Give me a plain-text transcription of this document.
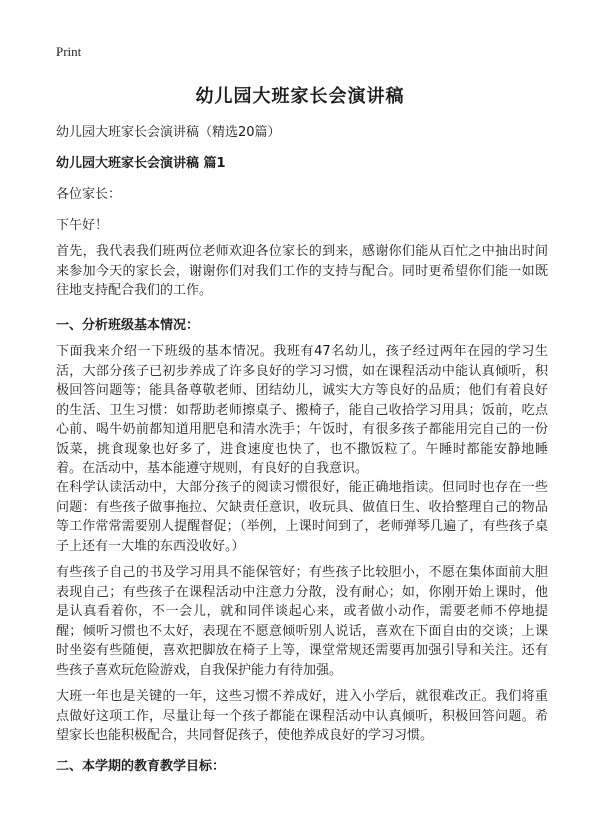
Print
幼儿园大班家长会演讲稿
幼儿园大班家长会演讲稿（精选20篇）
幼儿园大班家长会演讲稿 篇1
各位家长：
下午好！

首先，我代表我们班两位老师欢迎各位家长的到来，感谢你们能从百忙之中抽出时间来参加今天的家长会，谢谢你们对我们工作的支持与配合。同时更希望你们能一如既往地支持配合我们的工作。

一、分析班级基本情况：

下面我来介绍一下班级的基本情况。我班有47名幼儿，孩子经过两年在园的学习生活，大部分孩子已初步养成了许多良好的学习习惯，如在课程活动中能认真倾听，积极回答问题等；能具备尊敬老师、团结幼儿，诚实大方等良好的品质；他们有着良好的生活、卫生习惯：如帮助老师擦桌子、搬椅子，能自己收拾学习用具；饭前，吃点心前、喝牛奶前都知道用肥皂和清水洗手；午饭时，有很多孩子都能用完自己的一份饭菜，挑食现象也好多了，进食速度也快了，也不撒饭粒了。午睡时都能安静地睡着。在活动中，基本能遵守规则，有良好的自我意识。

在科学认读活动中，大部分孩子的阅读习惯很好，能正确地指读。但同时也存在一些问题：有些孩子做事拖拉、欠缺责任意识，收玩具、做值日生、收拾整理自己的物品等工作常常需要别人提醒督促；（举例，上课时间到了，老师弹琴几遍了，有些孩子桌子上还有一大堆的东西没收好。）

有些孩子自己的书及学习用具不能保管好；有些孩子比较胆小，不愿在集体面前大胆表现自己；有些孩子在课程活动中注意力分散，没有耐心；如，你刚开始上课时，他是认真看着你，不一会儿，就和同伴谈起心来，或者做小动作，需要老师不停地提醒；倾听习惯也不太好，表现在不愿意倾听别人说话，喜欢在下面自由的交谈；上课时坐姿有些随便，喜欢把脚放在椅子上等，课堂常规还需要再加强引导和关注。还有些孩子喜欢玩危险游戏，自我保护能力有待加强。

大班一年也是关键的一年，这些习惯不养成好，进入小学后，就很难改正。我们将重点做好这项工作，尽量让每一个孩子都能在课程活动中认真倾听，积极回答问题。希望家长也能积极配合，共同督促孩子，使他养成良好的学习习惯。

二、本学期的教育教学目标：
